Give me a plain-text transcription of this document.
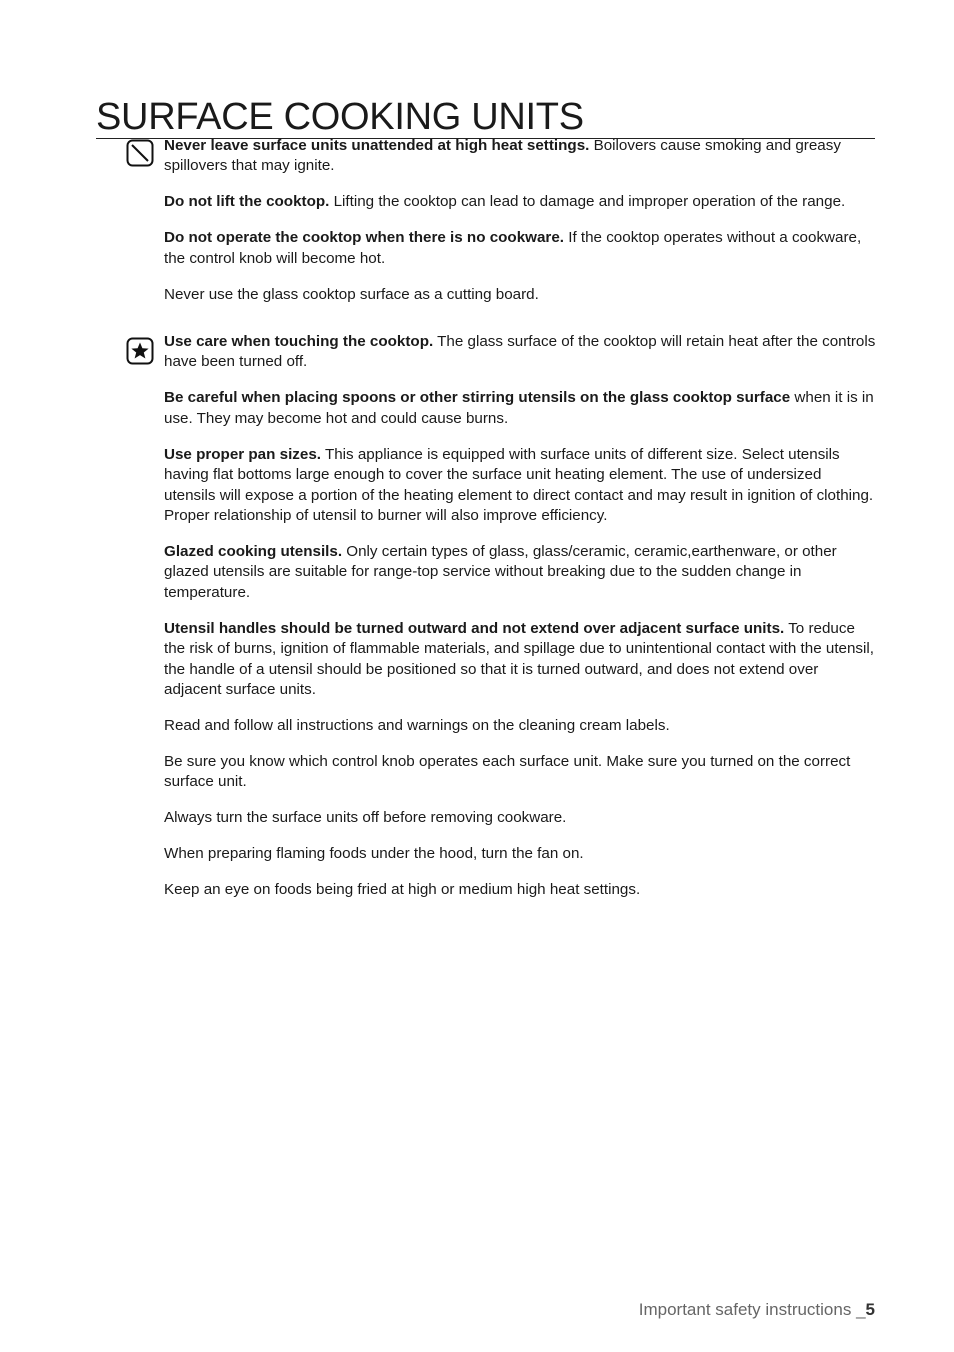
SURFACE COOKING UNITS

Never leave surface units unattended at high heat settings. Boilovers cause smoking and greasy spillovers that may ignite.

Do not lift the cooktop. Lifting the cooktop can lead to damage and improper operation of the range.

Do not operate the cooktop when there is no cookware. If the cooktop operates without a cookware, the control knob will become hot.

Never use the glass cooktop surface as a cutting board.

Use care when touching the cooktop. The glass surface of the cooktop will retain heat after the controls have been turned off.

Be careful when placing spoons or other stirring utensils on the glass cooktop surface when it is in use. They may become hot and could cause burns.

Use proper pan sizes. This appliance is equipped with surface units of different size. Select utensils having flat bottoms large enough to cover the surface unit heating element. The use of undersized utensils will expose a portion of the heating element to direct contact and may result in ignition of clothing. Proper relationship of utensil to burner will also improve efficiency.

Glazed cooking utensils. Only certain types of glass, glass/ceramic, ceramic,earthenware, or other glazed utensils are suitable for range-top service without breaking due to the sudden change in temperature.

Utensil handles should be turned outward and not extend over adjacent surface units. To reduce the risk of burns, ignition of flammable materials, and spillage due to unintentional contact with the utensil, the handle of a utensil should be positioned so that it is turned outward, and does not extend over adjacent surface units.

Read and follow all instructions and warnings on the cleaning cream labels.

Be sure you know which control knob operates each surface unit. Make sure you turned on the correct surface unit.

Always turn the surface units off before removing cookware.

When preparing flaming foods under the hood, turn the fan on.

Keep an eye on foods being fried at high or medium high heat settings.

Important safety instructions _5
